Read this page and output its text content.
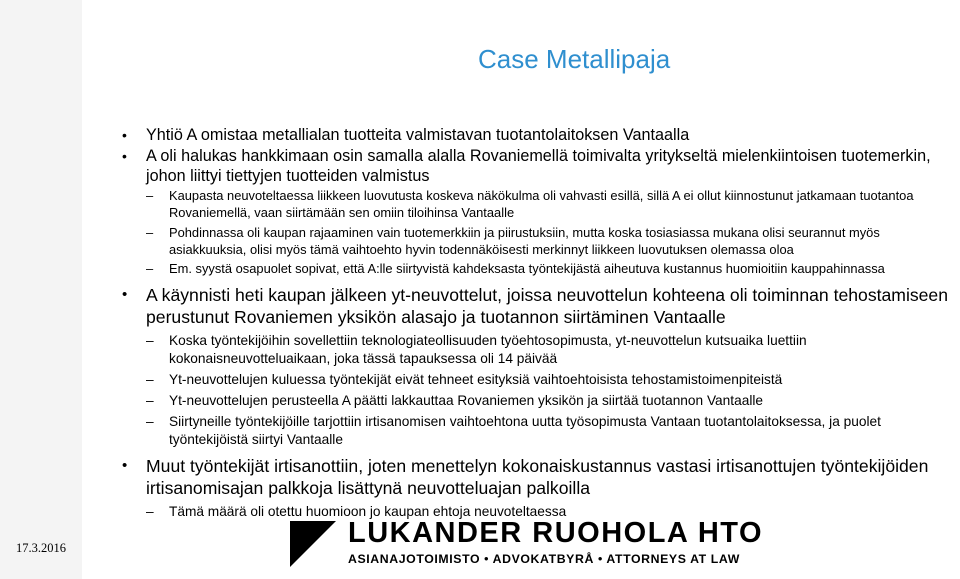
Case Metallipaja
• Yhtiö A omistaa metallialan tuotteita valmistavan tuotantolaitoksen Vantaalla
• A oli halukas hankkimaan osin samalla alalla Rovaniemellä toimivalta yritykseltä mielenkiintoisen tuotemerkin, johon liittyi tiettyjen tuotteiden valmistus
– Kaupasta neuvoteltaessa liikkeen luovutusta koskeva näkökulma oli vahvasti esillä, sillä A ei ollut kiinnostunut jatkamaan tuotantoa Rovaniemellä, vaan siirtämään sen omiin tiloihinsa Vantaalle
– Pohdinnassa oli kaupan rajaaminen vain tuotemerkkiin ja piirustuksiin, mutta koska tosiasiassa mukana olisi seurannut myös asiakkuuksia, olisi myös tämä vaihtoehto hyvin todennäköisesti merkinnyt liikkeen luovutuksen olemassa oloa
– Em. syystä osapuolet sopivat, että A:lle siirtyvistä kahdeksasta työntekijästä aiheutuva kustannus huomioitiin kauppahinnassa
• A käynnisti heti kaupan jälkeen yt-neuvottelut, joissa neuvottelun kohteena oli toiminnan tehostamiseen perustunut Rovaniemen yksikön alasajo ja tuotannon siirtäminen Vantaalle
– Koska työntekijöihin sovellettiin teknologiateollisuuden työehtosopimusta, yt-neuvottelun kutsuaika luettiin kokonaisneuvotteluaikaan, joka tässä tapauksessa oli 14 päivää
– Yt-neuvottelujen kuluessa työntekijät eivät tehneet esityksiä vaihtoehtoisista tehostamistoimenpiteistä
– Yt-neuvottelujen perusteella A päätti lakkauttaa Rovaniemen yksikön ja siirtää tuotannon Vantaalle
– Siirtyneille työntekijöille tarjottiin irtisanomisen vaihtoehtona uutta työsopimusta Vantaan tuotantolaitoksessa, ja puolet työntekijöistä siirtyi Vantaalle
• Muut työntekijät irtisanottiin, joten menettelyn kokonaiskustannus vastasi irtisanottujen työntekijöiden irtisanomisajan palkkoja lisättynä neuvotteluajan palkoilla
– Tämä määrä oli otettu huomioon jo kaupan ehtoja neuvoteltaessa
17.3.2016	LUKANDER RUOHOLA HTO
ASIANAJOTOIMISTO • ADVOKATBYRÅ • ATTORNEYS AT LAW
